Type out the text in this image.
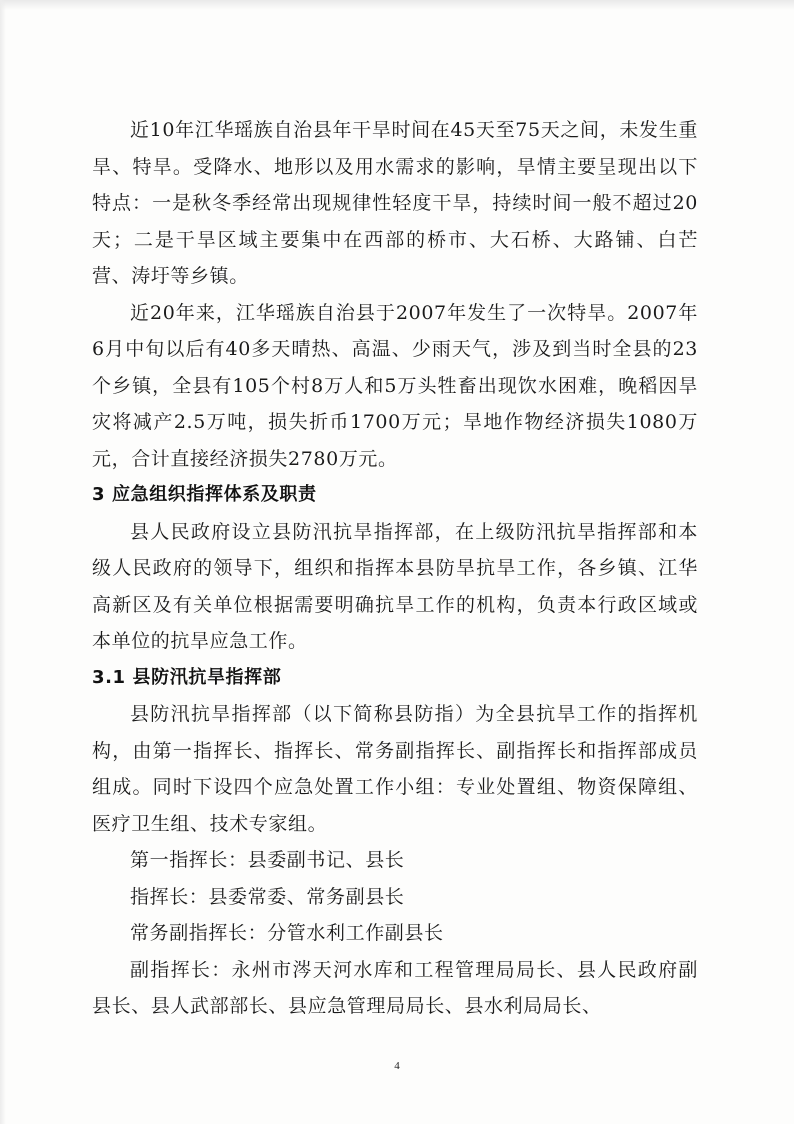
近10年江华瑶族自治县年干旱时间在45天至75天之间，未发生重旱、特旱。受降水、地形以及用水需求的影响，旱情主要呈现出以下特点：一是秋冬季经常出现规律性轻度干旱，持续时间一般不超过20天；二是干旱区域主要集中在西部的桥市、大石桥、大路铺、白芒营、涛圩等乡镇。

近20年来，江华瑶族自治县于2007年发生了一次特旱。2007年6月中旬以后有40多天晴热、高温、少雨天气，涉及到当时全县的23个乡镇，全县有105个村8万人和5万头牲畜出现饮水困难，晚稻因旱灾将减产2.5万吨，损失折币1700万元；旱地作物经济损失1080万元，合计直接经济损失2780万元。

3 应急组织指挥体系及职责

县人民政府设立县防汛抗旱指挥部，在上级防汛抗旱指挥部和本级人民政府的领导下，组织和指挥本县防旱抗旱工作，各乡镇、江华高新区及有关单位根据需要明确抗旱工作的机构，负责本行政区域或本单位的抗旱应急工作。

3.1 县防汛抗旱指挥部

县防汛抗旱指挥部（以下简称县防指）为全县抗旱工作的指挥机构，由第一指挥长、指挥长、常务副指挥长、副指挥长和指挥部成员组成。同时下设四个应急处置工作小组：专业处置组、物资保障组、医疗卫生组、技术专家组。

第一指挥长：县委副书记、县长

指挥长：县委常委、常务副县长

常务副指挥长：分管水利工作副县长

副指挥长：永州市涔天河水库和工程管理局局长、县人民政府副县长、县人武部部长、县应急管理局局长、县水利局局长、

4
